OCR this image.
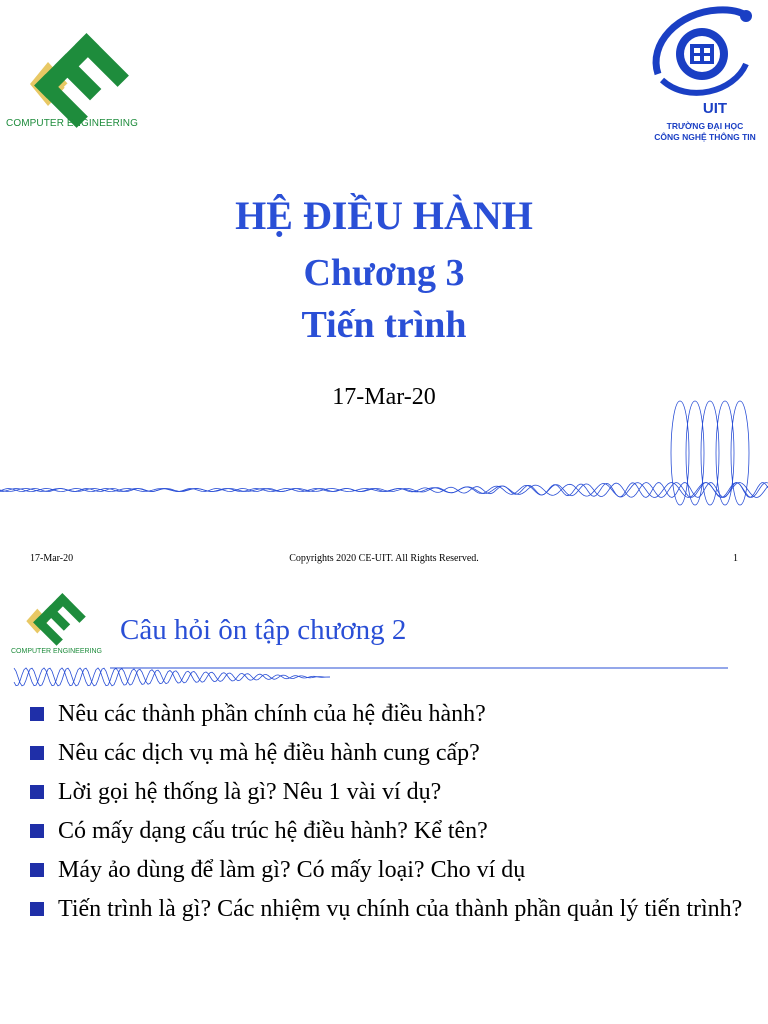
COMPUTER ENGINEERING
UIT
TRƯỜNG ĐẠI HỌC
CÔNG NGHỆ THÔNG TIN
HỆ ĐIỀU HÀNH
Chương 3
Tiến trình
17-Mar-20
17-Mar-20	Copyrights 2020 CE-UIT. All Rights Reserved.	1
COMPUTER ENGINEERING
Câu hỏi ôn tập chương 2
Nêu các thành phần chính của hệ điều hành?
Nêu các dịch vụ mà hệ điều hành cung cấp?
Lời gọi hệ thống là gì? Nêu 1 vài ví dụ?
Có mấy dạng cấu trúc hệ điều hành? Kể tên?
Máy ảo dùng để làm gì? Có mấy loại? Cho ví dụ
Tiến trình là gì? Các nhiệm vụ chính của thành phần quản lý tiến trình?
